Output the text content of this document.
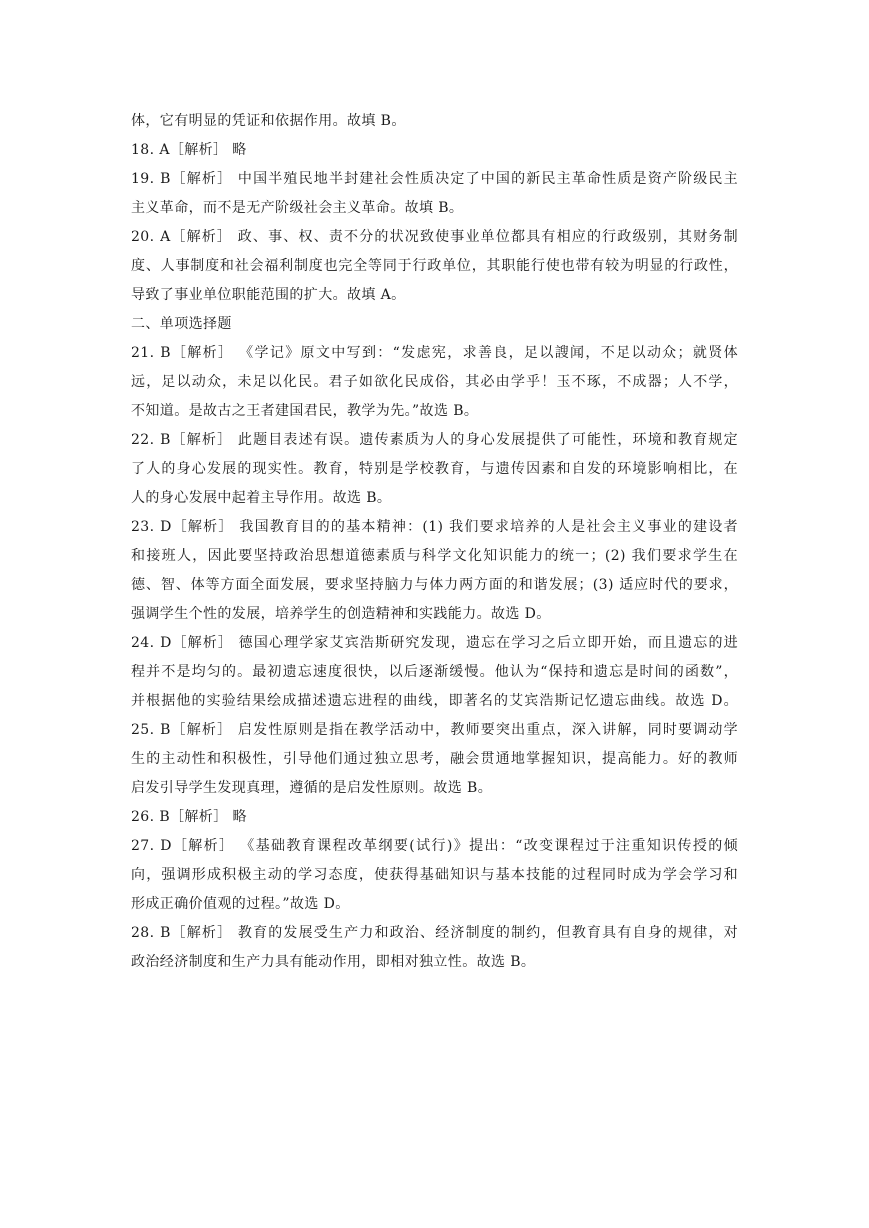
体，它有明显的凭证和依据作用。故填 B。
18. A［解析］ 略
19. B［解析］ 中国半殖民地半封建社会性质决定了中国的新民主革命性质是资产阶级民主
主义革命，而不是无产阶级社会主义革命。故填 B。
20. A［解析］ 政、事、权、责不分的状况致使事业单位都具有相应的行政级别，其财务制
度、人事制度和社会福利制度也完全等同于行政单位，其职能行使也带有较为明显的行政性，
导致了事业单位职能范围的扩大。故填 A。
二、单项选择题
21. B［解析］ 《学记》原文中写到：“发虑宪，求善良，足以謏闻，不足以动众；就贤体
远，足以动众，未足以化民。君子如欲化民成俗，其必由学乎！玉不琢，不成器；人不学，
不知道。是故古之王者建国君民，教学为先。”故选 B。
22. B［解析］ 此题目表述有误。遗传素质为人的身心发展提供了可能性，环境和教育规定
了人的身心发展的现实性。教育，特别是学校教育，与遗传因素和自发的环境影响相比，在
人的身心发展中起着主导作用。故选 B。
23. D［解析］ 我国教育目的的基本精神：(1) 我们要求培养的人是社会主义事业的建设者
和接班人，因此要坚持政治思想道德素质与科学文化知识能力的统一；(2) 我们要求学生在
德、智、体等方面全面发展，要求坚持脑力与体力两方面的和谐发展；(3) 适应时代的要求，
强调学生个性的发展，培养学生的创造精神和实践能力。故选 D。
24. D［解析］ 德国心理学家艾宾浩斯研究发现，遗忘在学习之后立即开始，而且遗忘的进
程并不是均匀的。最初遗忘速度很快，以后逐渐缓慢。他认为“保持和遗忘是时间的函数”，
并根据他的实验结果绘成描述遗忘进程的曲线，即著名的艾宾浩斯记忆遗忘曲线。故选 D。
25. B［解析］ 启发性原则是指在教学活动中，教师要突出重点，深入讲解，同时要调动学
生的主动性和积极性，引导他们通过独立思考，融会贯通地掌握知识，提高能力。好的教师
启发引导学生发现真理，遵循的是启发性原则。故选 B。
26. B［解析］ 略
27. D［解析］ 《基础教育课程改革纲要(试行)》提出：“改变课程过于注重知识传授的倾
向，强调形成积极主动的学习态度，使获得基础知识与基本技能的过程同时成为学会学习和
形成正确价值观的过程。”故选 D。
28. B［解析］ 教育的发展受生产力和政治、经济制度的制约，但教育具有自身的规律，对
政治经济制度和生产力具有能动作用，即相对独立性。故选 B。
